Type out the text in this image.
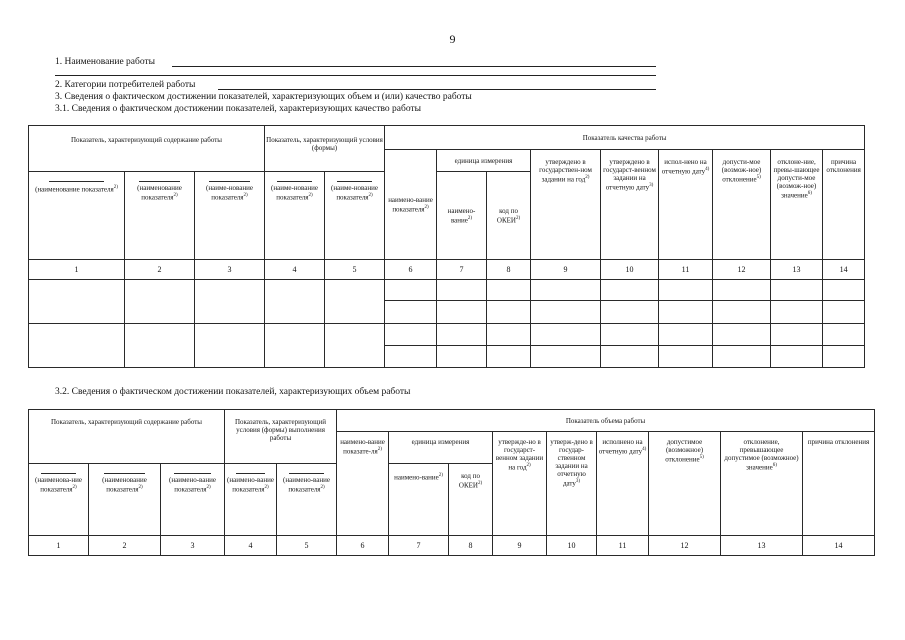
9
1. Наименование работы
2. Категории потребителей работы
3. Сведения о фактическом достижении показателей, характеризующих объем и (или) качество работы
3.1. Сведения о фактическом достижении показателей, характеризующих качество работы
Показатель, характеризующий содержание работы			Показатель, характеризующий условия (формы)		Показатель качества работы								
					наимено-вание показателя$^{2)}$	единица измерения		утверждено в государствен-ном задании на год$^{2)}$	утверждено в государст-венном задании на отчетную дату$^{3)}$	испол-нено на отчетную дату$^{4)}$	допусти-мое (возмож-ное) отклонение$^{5)}$	отклоне-ние, превы-шающее допусти-мое (возмож-ное) значение$^{6)}$	причина отклонения

(наименование показателя$^{2)}$	(наименование показателя$^{2)}$	(наиме-нование показателя$^{2)}$	(наиме-нование показателя$^{2)}$	(наиме-нование показателя$^{2)}$		наимено-вание$^{2)}$	код по ОКЕИ$^{2)}$
1	2	3	4	5	6	7	8	9	10	11	12	13	14

3.2. Сведения о фактическом достижении показателей, характеризующих объем работы
Показатель, характеризующий содержание работы			Показатель, характеризующий условия (формы) выполнения работы		Показатель объема работы								
					наимено-вание показате-$ля^{2)}$	единица измерения		утвержде-но в государст-венном задании на год$^{2)}$	утверж-дено в государ-ственном задании на отчетную дату$^{3)}$	исполнено на отчетную дату$^{4)}$	допустимое (возможное) отклонение$^{5)}$	отклонение, превышающее допустимое (возможное) значение$^{6)}$	причина отклонения

(наименова-ние показателя$^{2)}$	(наименование показателя$^{2)}$	(наимено-вание показателя$^{2)}$	(наимено-вание показателя$^{2)}$	(наимено-вание показателя$^{2)}$		наимено-вание$^{2)}$	код по ОКЕИ$^{2)}$
1	2	3	4	5	6	7	8	9	10	11	12	13	14
